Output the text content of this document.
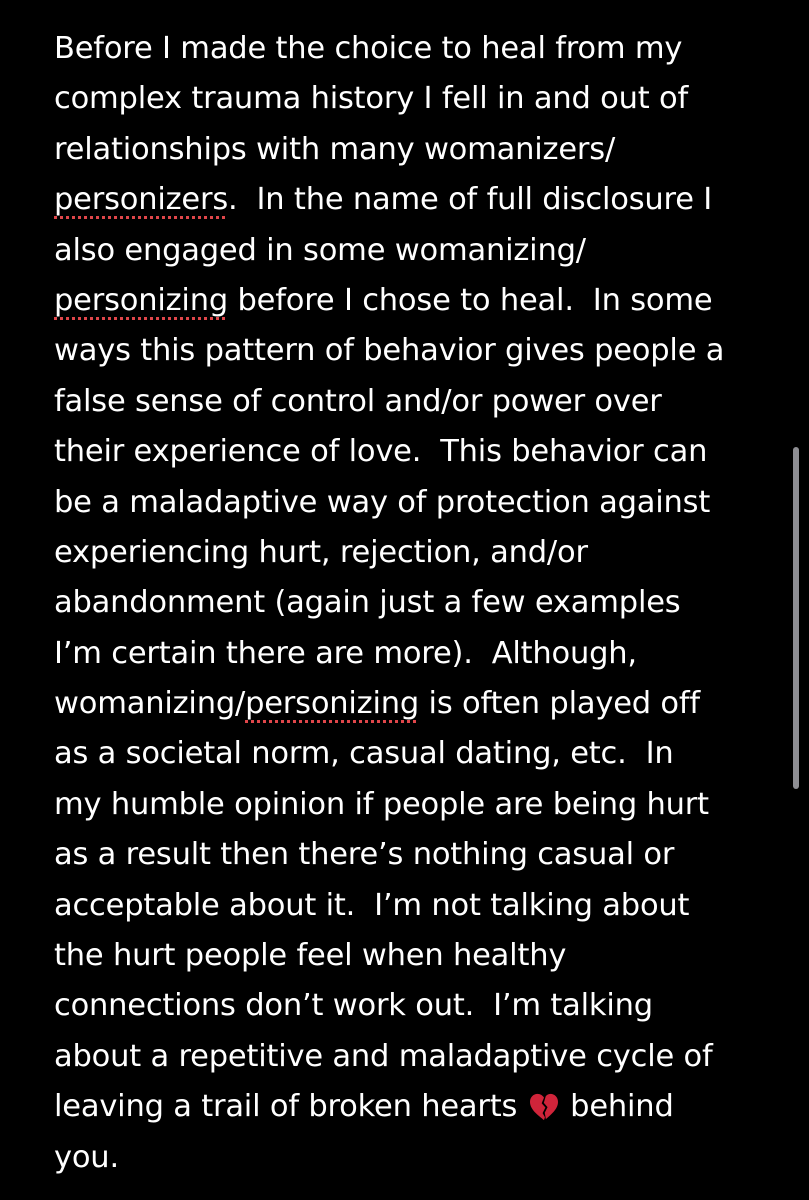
Before I made the choice to heal from my
complex trauma history I fell in and out of
relationships with many womanizers/
personizers.  In the name of full disclosure I
also engaged in some womanizing/
personizing before I chose to heal.  In some
ways this pattern of behavior gives people a
false sense of control and/or power over
their experience of love.  This behavior can
be a maladaptive way of protection against
experiencing hurt, rejection, and/or
abandonment (again just a few examples
I’m certain there are more).  Although,
womanizing/personizing is often played off
as a societal norm, casual dating, etc.  In
my humble opinion if people are being hurt
as a result then there’s nothing casual or
acceptable about it.  I’m not talking about
the hurt people feel when healthy
connections don’t work out.  I’m talking
about a repetitive and maladaptive cycle of
leaving a trail of broken hearts  behind
you.
